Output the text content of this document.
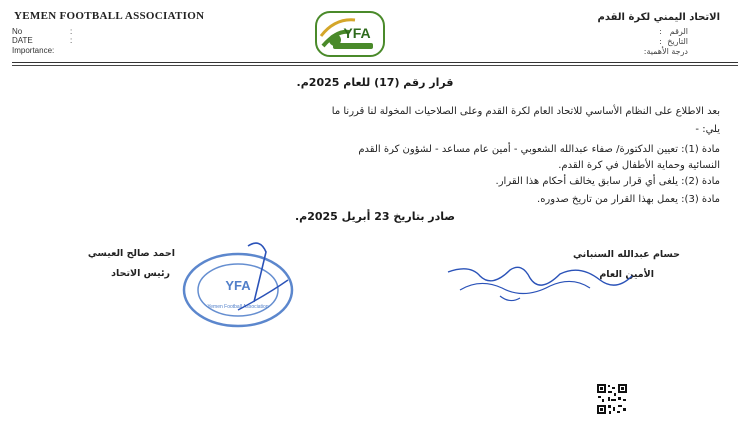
YEMEN FOOTBALL ASSOCIATION
No	:
DATE	:
Importance:
YFA
الاتحاد اليمني لكرة القدم
الرقم
:
التاريخ
:
درجة الأهمية:
قرار رقم (17) للعام 2025م.
بعد الاطلاع على النظام الأساسي للاتحاد العام لكرة القدم وعلى الصلاحيات المخولة لنا قررنا ما
يلي: -
مادة (1): تعيين الدكتورة/ صفاء عبدالله الشعوبي - أمين عام مساعد - لشؤون كرة القدم
النسائية وحماية الأطفال في كرة القدم.
مادة (2): يلغى أي قرار سابق يخالف أحكام هذا القرار.
مادة (3): يعمل بهذا القرار من تاريخ صدوره.
صادر بتاريخ 23 أبريل 2025م.
YFA
Yemen Football Association
احمد صالح العيسي
رئيس الاتحاد
حسام عبدالله السنباني
الأمين العام
